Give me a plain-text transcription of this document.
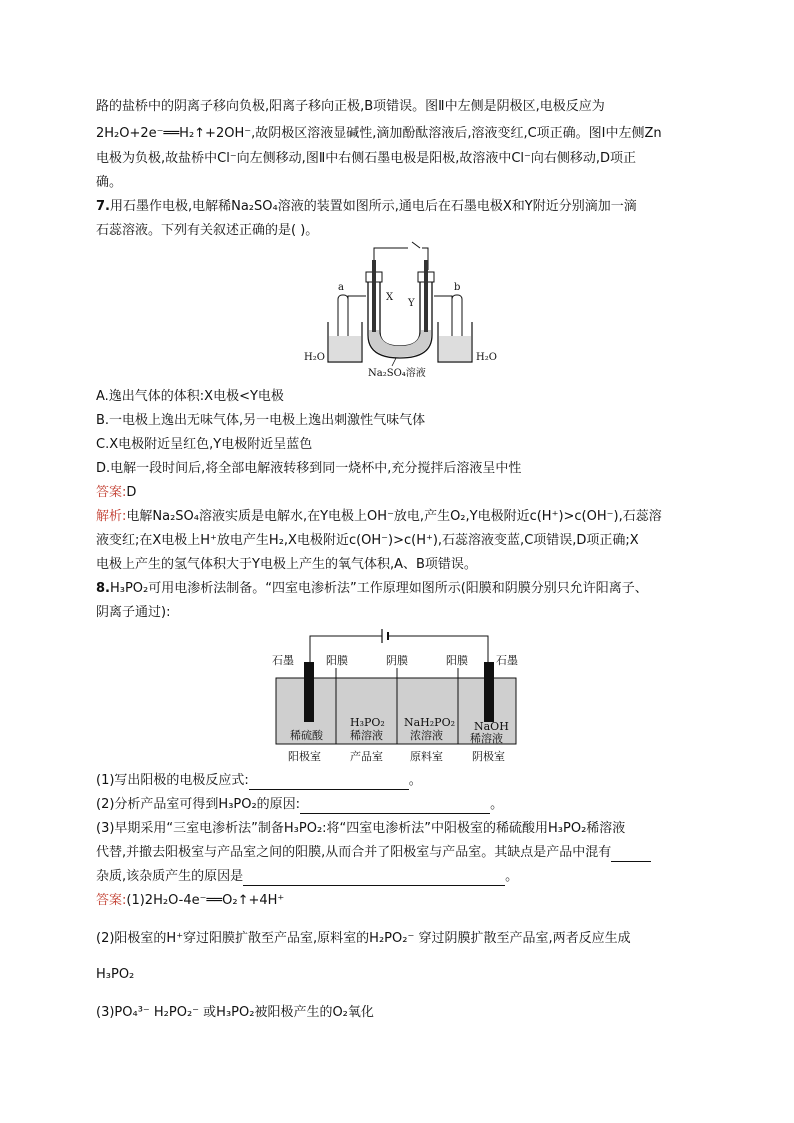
路的盐桥中的阴离子移向负极,阳离子移向正极,B项错误。图Ⅱ中左侧是阴极区,电极反应为
2H₂O+2e⁻══H₂↑+2OH⁻,故阴极区溶液显碱性,滴加酚酞溶液后,溶液变红,C项正确。图Ⅰ中左侧Zn
电极为负极,故盐桥中Cl⁻向左侧移动,图Ⅱ中右侧石墨电极是阳极,故溶液中Cl⁻向右侧移动,D项正
确。
7.用石墨作电极,电解稀Na₂SO₄溶液的装置如图所示,通电后在石墨电极X和Y附近分别滴加一滴
石蕊溶液。下列有关叙述正确的是( )。
a	b
X
Y
H₂O	H₂O
Na₂SO₄溶液
A.逸出气体的体积:X电极<Y电极
B.一电极上逸出无味气体,另一电极上逸出刺激性气味气体
C.X电极附近呈红色,Y电极附近呈蓝色
D.电解一段时间后,将全部电解液转移到同一烧杯中,充分搅拌后溶液呈中性
答案:D
解析:电解Na₂SO₄溶液实质是电解水,在Y电极上OH⁻放电,产生O₂,Y电极附近c(H⁺)>c(OH⁻),石蕊溶
液变红;在X电极上H⁺放电产生H₂,X电极附近c(OH⁻)>c(H⁺),石蕊溶液变蓝,C项错误,D项正确;X
电极上产生的氢气体积大于Y电极上产生的氧气体积,A、B项错误。
8.H₃PO₂可用电渗析法制备。“四室电渗析法”工作原理如图所示(阳膜和阴膜分别只允许阳离子、
阴离子通过):
石墨	阳膜	阴膜	阳膜	石墨
稀硫酸
H₃PO₂
稀溶液
NaH₂PO₂
浓溶液
NaOH
稀溶液
阳极室	产品室 原料室	阴极室
(1)写出阳极的电极反应式:	。
(2)分析产品室可得到H₃PO₂的原因:	。
(3)早期采用“三室电渗析法”制备H₃PO₂:将“四室电渗析法”中阳极室的稀硫酸用H₃PO₂稀溶液
代替,并撤去阳极室与产品室之间的阳膜,从而合并了阳极室与产品室。其缺点是产品中混有
杂质,该杂质产生的原因是	。
答案:(1)2H₂O-4e⁻══O₂↑+4H⁺
(2)阳极室的H⁺穿过阳膜扩散至产品室,原料室的H₂PO₂⁻ 穿过阴膜扩散至产品室,两者反应生成
H₃PO₂
(3)PO₄³⁻ H₂PO₂⁻ 或H₃PO₂被阳极产生的O₂氧化
